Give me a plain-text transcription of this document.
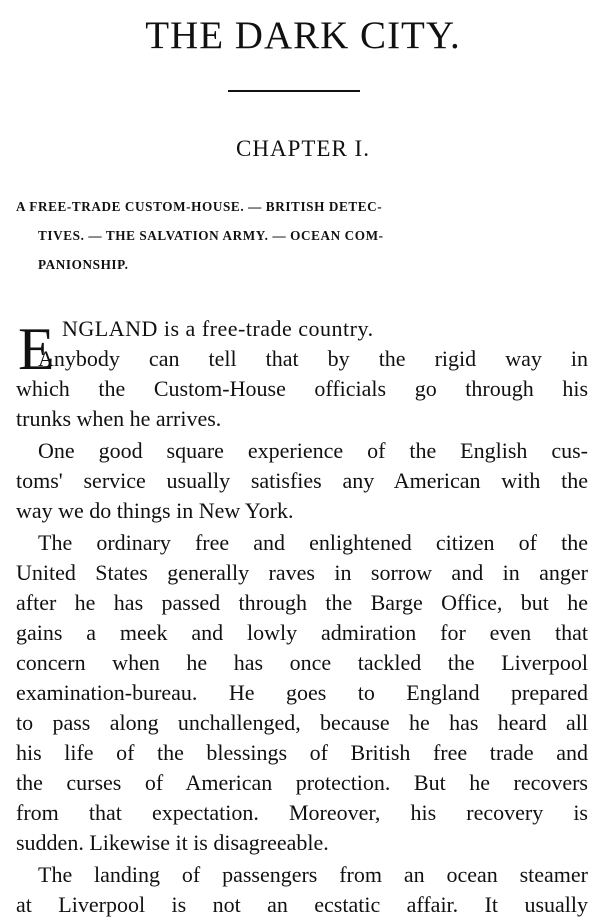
THE DARK CITY.
CHAPTER I.
A FREE-TRADE CUSTOM-HOUSE. — BRITISH DETEC-
TIVES. — THE SALVATION ARMY. — OCEAN COM-
PANIONSHIP.
E NGLAND is a free-trade country.
Anybody can tell that by the rigid way in
which the Custom-House officials go through his
trunks when he arrives.
One good square experience of the English cus-
toms' service usually satisfies any American with the
way we do things in New York.
The ordinary free and enlightened citizen of the
United States generally raves in sorrow and in anger
after he has passed through the Barge Office, but he
gains a meek and lowly admiration for even that
concern when he has once tackled the Liverpool
examination-bureau. He goes to England prepared
to pass along unchallenged, because he has heard all
his life of the blessings of British free trade and
the curses of American protection. But he recovers
from that expectation. Moreover, his recovery is
sudden. Likewise it is disagreeable.
The landing of passengers from an ocean steamer
at Liverpool is not an ecstatic affair. It usually
